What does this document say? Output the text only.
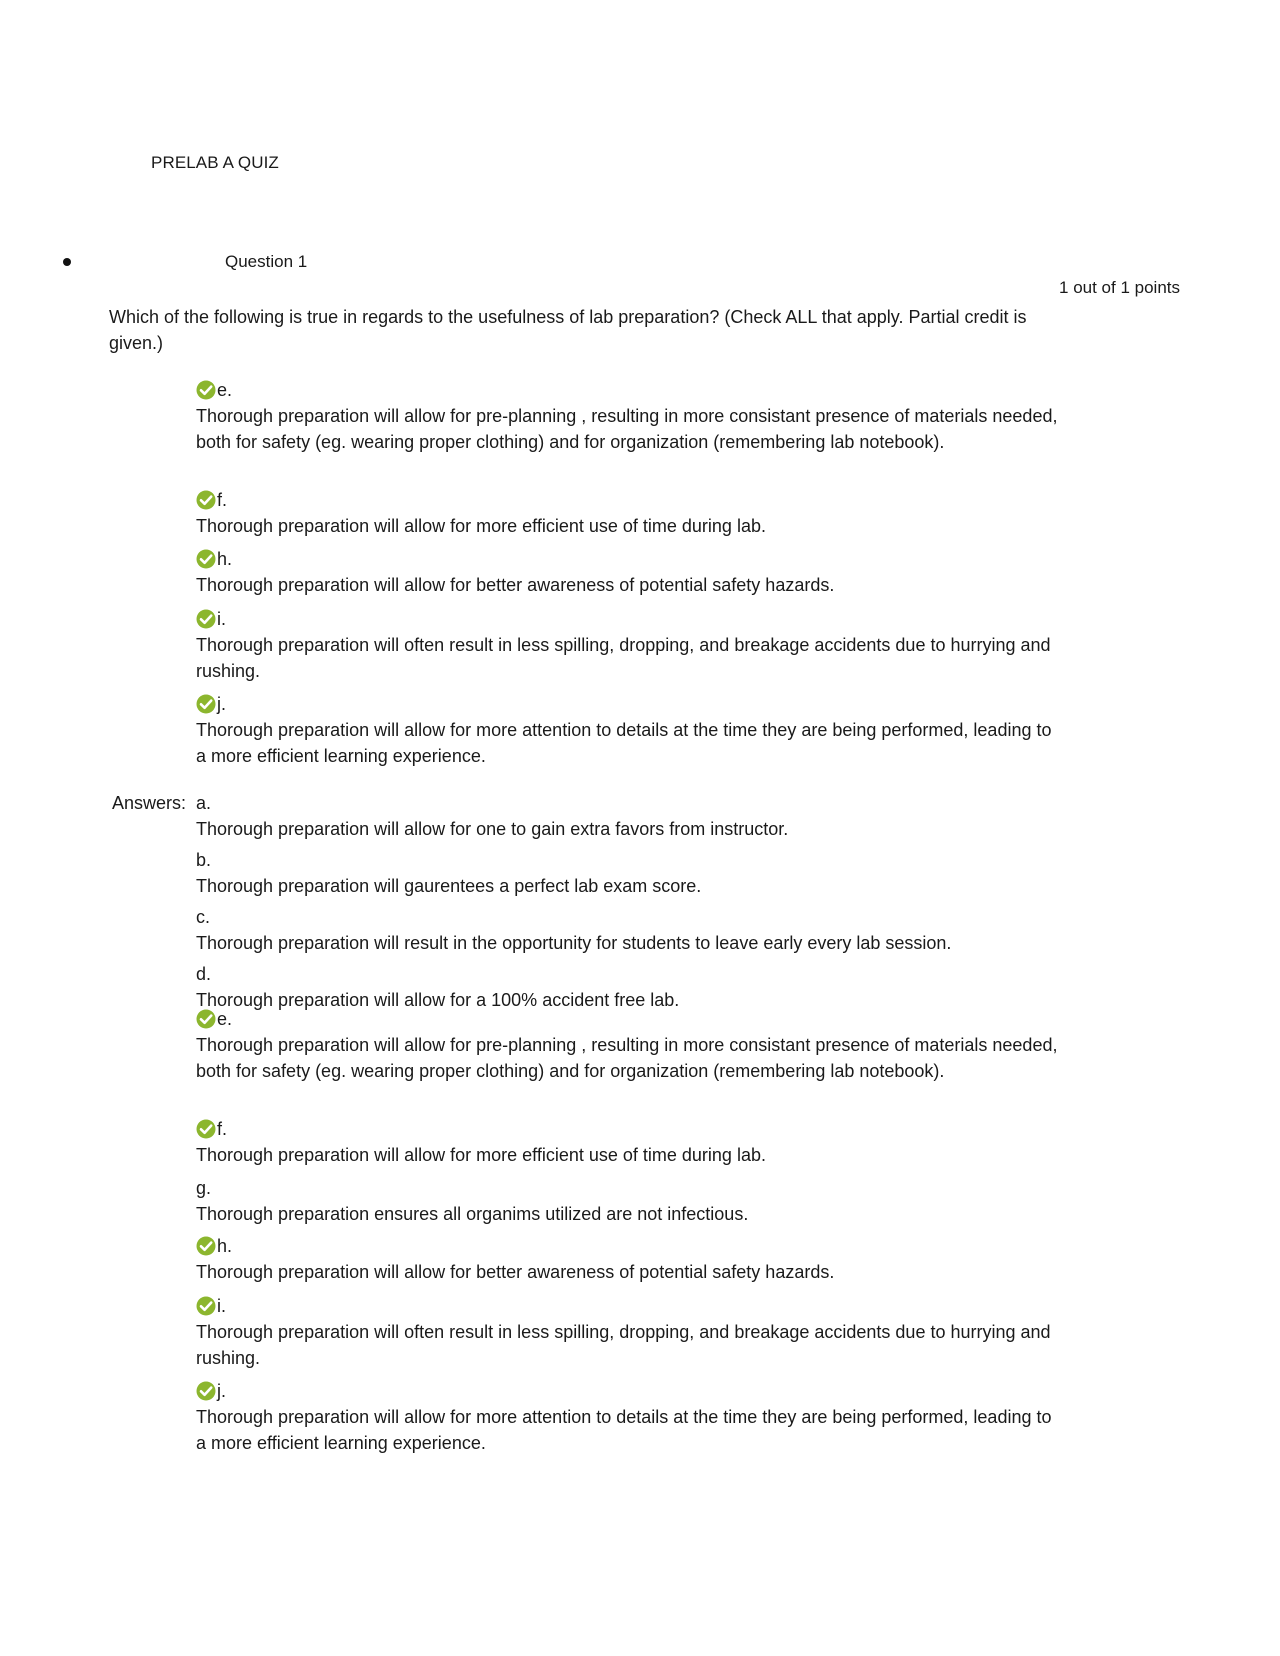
PRELAB A QUIZ
Question 1
1 out of 1 points
Which of the following is true in regards to the usefulness of lab preparation? (Check ALL that apply. Partial credit is given.)
e.
Thorough preparation will allow for pre-planning , resulting in more consistant presence of materials needed, both for safety (eg. wearing proper clothing) and for organization (remembering lab notebook).
f.
Thorough preparation will allow for more efficient use of time during lab.
h.
Thorough preparation will allow for better awareness of potential safety hazards.
i.
Thorough preparation will often result in less spilling, dropping, and breakage accidents due to hurrying and rushing.
j.
Thorough preparation will allow for more attention to details at the time they are being performed, leading to a more efficient learning experience.
Answers: a.
Thorough preparation will allow for one to gain extra favors from instructor.
b.
Thorough preparation will gaurentees a perfect lab exam score.
c.
Thorough preparation will result in the opportunity for students to leave early every lab session.
d.
Thorough preparation will allow for a 100% accident free lab.
e.
Thorough preparation will allow for pre-planning , resulting in more consistant presence of materials needed, both for safety (eg. wearing proper clothing) and for organization (remembering lab notebook).
f.
Thorough preparation will allow for more efficient use of time during lab.
g.
Thorough preparation ensures all organims utilized are not infectious.
h.
Thorough preparation will allow for better awareness of potential safety hazards.
i.
Thorough preparation will often result in less spilling, dropping, and breakage accidents due to hurrying and rushing.
j.
Thorough preparation will allow for more attention to details at the time they are being performed, leading to a more efficient learning experience.
